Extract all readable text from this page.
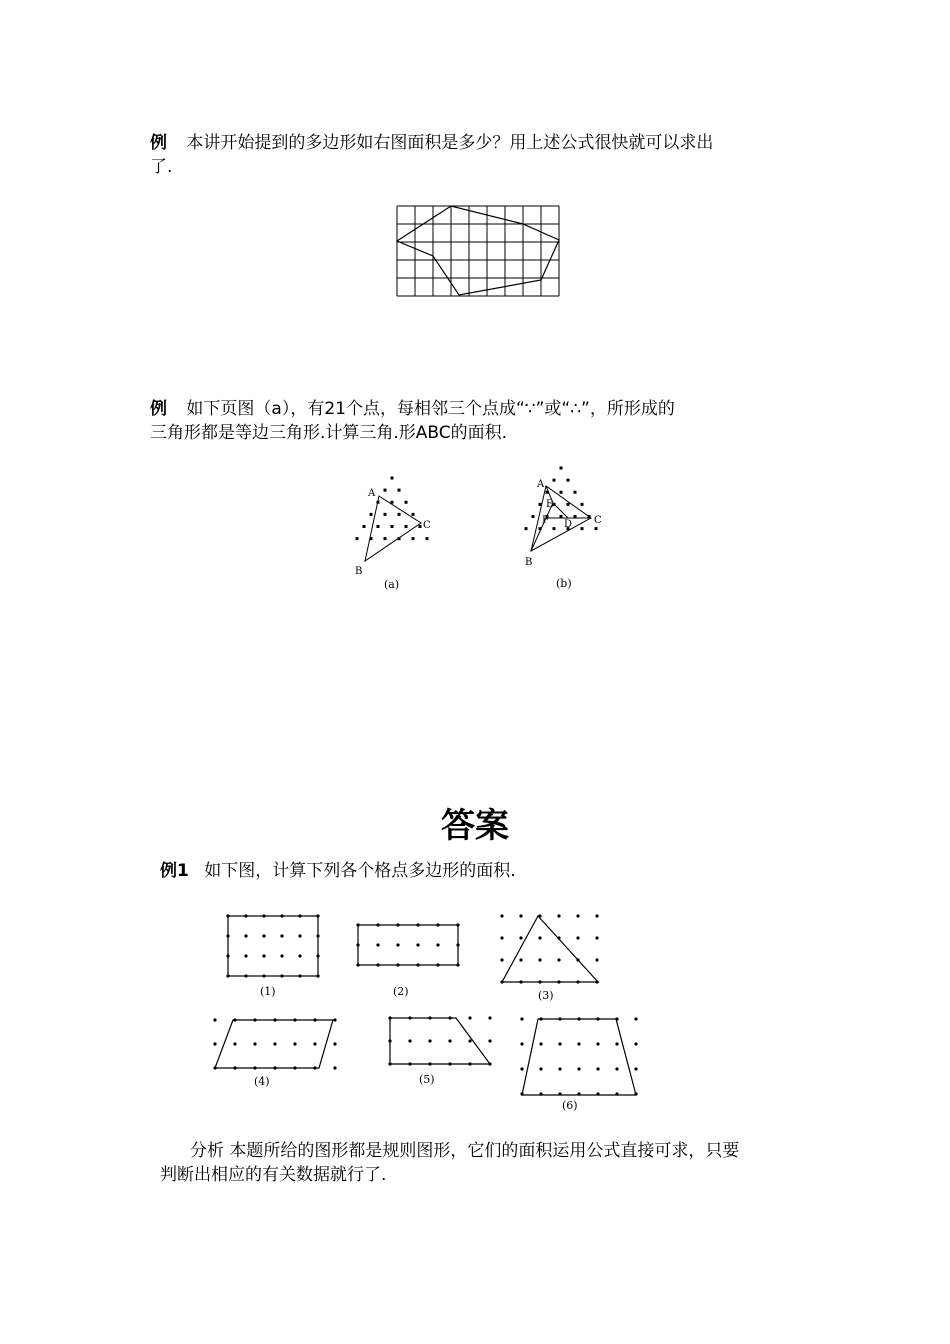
例 本讲开始提到的多边形如右图面积是多少？用上述公式很快就可以求出
了.
例 如下页图（a），有21个点，每相邻三个点成“∵”或“∴”，所形成的
三角形都是等边三角形.计算三角.形ABC的面积.
A
B
C
(a)
A
B
C
D
E
F
(b)
答案
例1 如下图，计算下列各个格点多边形的面积.
(1)	(2)	(3)
(4)	(5)
(6)
分析 本题所给的图形都是规则图形，它们的面积运用公式直接可求，只要
判断出相应的有关数据就行了.
